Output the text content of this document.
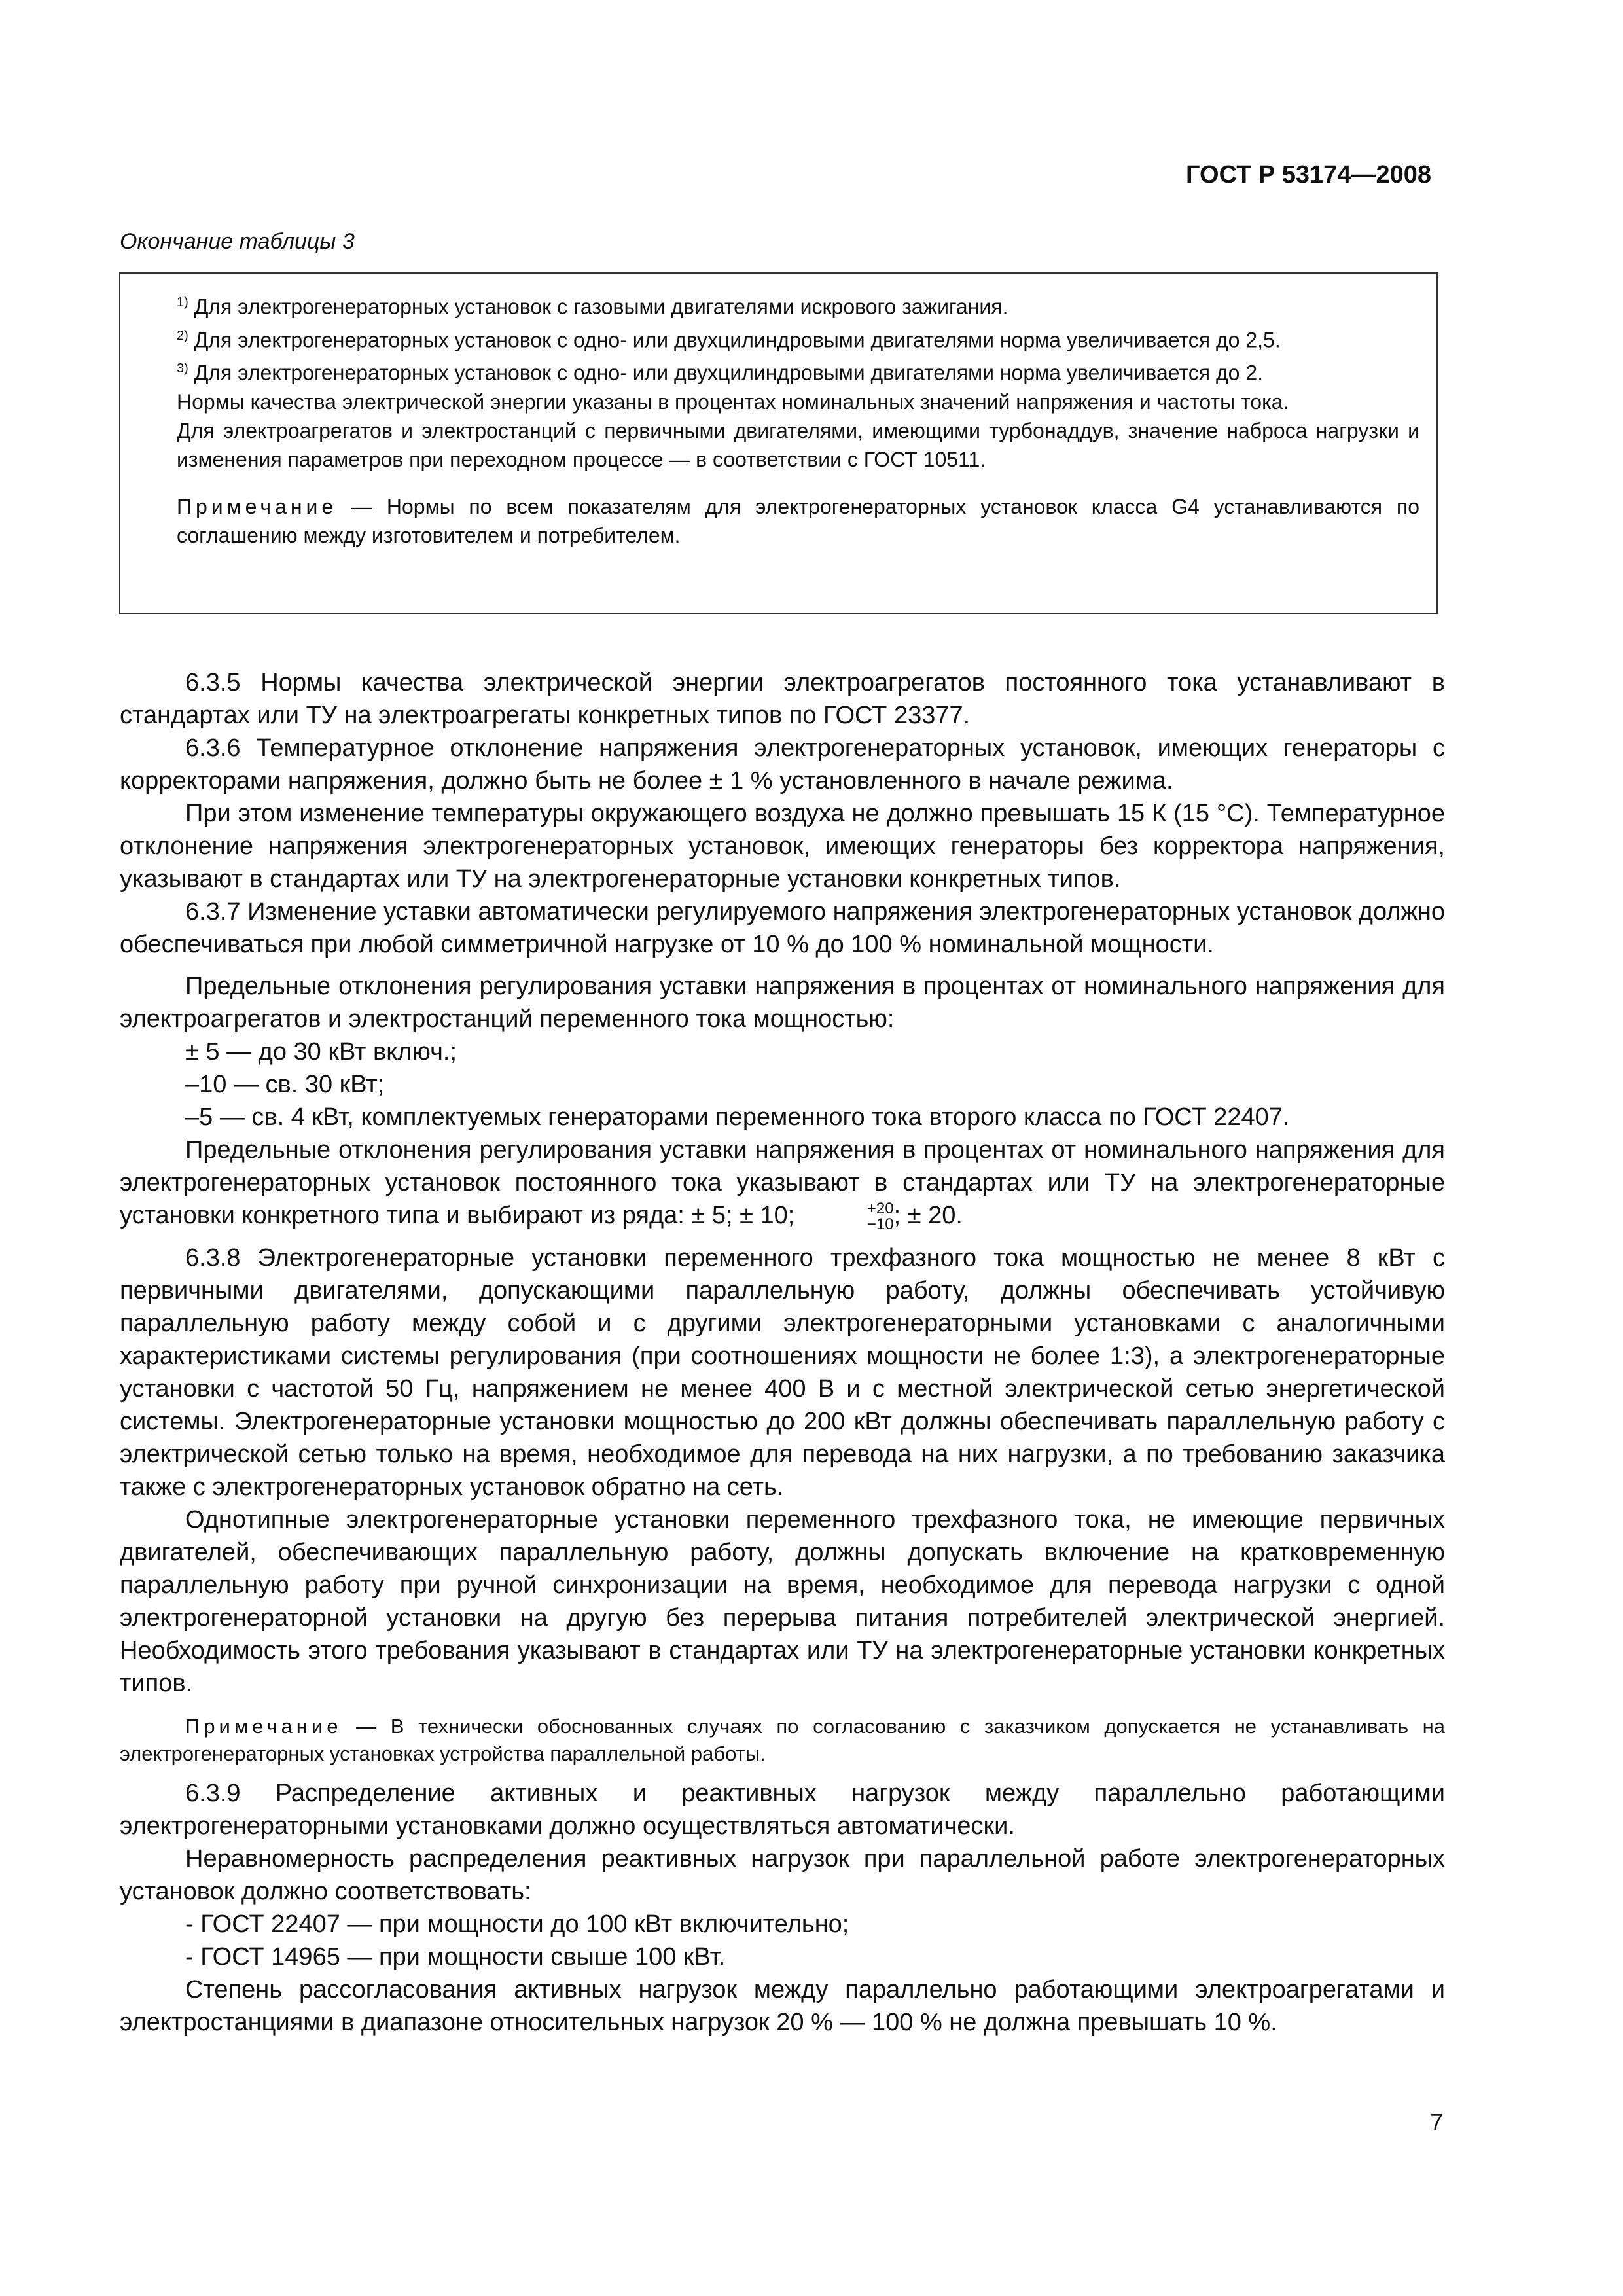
ГОСТ Р 53174—2008
Окончание таблицы 3

$^{1)}$ Для электрогенераторных установок с газовыми двигателями искрового зажигания.

$^{2)}$ Для электрогенераторных установок с одно- или двухцилиндровыми двигателями норма увеличивается до 2,5.

$^{3)}$ Для электрогенераторных установок с одно- или двухцилиндровыми двигателями норма увеличивается до 2.

Нормы качества электрической энергии указаны в процентах номинальных значений напряжения и частоты тока.

Для электроагрегатов и электростанций с первичными двигателями, имеющими турбонаддув, значение наброса нагрузки и изменения параметров при переходном процессе — в соответствии с ГОСТ 10511.

Примечание — Нормы по всем показателям для электрогенераторных установок класса G4 устанавливаются по соглашению между изготовителем и потребителем.

6.3.5 Нормы качества электрической энергии электроагрегатов постоянного тока устанавливают в стандартах или ТУ на электроагрегаты конкретных типов по ГОСТ 23377.

6.3.6 Температурное отклонение напряжения электрогенераторных установок, имеющих генераторы с корректорами напряжения, должно быть не более ± 1 % установленного в начале режима.

При этом изменение температуры окружающего воздуха не должно превышать 15 К (15 °С). Температурное отклонение напряжения электрогенераторных установок, имеющих генераторы без корректора напряжения, указывают в стандартах или ТУ на электрогенераторные установки конкретных типов.

6.3.7 Изменение уставки автоматически регулируемого напряжения электрогенераторных установок должно обеспечиваться при любой симметричной нагрузке от 10 % до 100 % номинальной мощности.

Предельные отклонения регулирования уставки напряжения в процентах от номинального напряжения для электроагрегатов и электростанций переменного тока мощностью:

± 5 — до 30 кВт включ.;

–10 — св. 30 кВт;

–5 — св. 4 кВт, комплектуемых генераторами переменного тока второго класса по ГОСТ 22407.

Предельные отклонения регулирования уставки напряжения в процентах от номинального напряжения для электрогенераторных установок постоянного тока указывают в стандартах или ТУ на электрогенераторные установки конкретного типа и выбирают из ряда: ± 5; ± 10;	+20
−10 ; ± 20.

6.3.8 Электрогенераторные установки переменного трехфазного тока мощностью не менее 8 кВт с первичными двигателями, допускающими параллельную работу, должны обеспечивать устойчивую параллельную работу между собой и с другими электрогенераторными установками с аналогичными характеристиками системы регулирования (при соотношениях мощности не более 1:3), а электрогенераторные установки с частотой 50 Гц, напряжением не менее 400 В и с местной электрической сетью энергетической системы. Электрогенераторные установки мощностью до 200 кВт должны обеспечивать параллельную работу с электрической сетью только на время, необходимое для перевода на них нагрузки, а по требованию заказчика также с электрогенераторных установок обратно на сеть.

Однотипные электрогенераторные установки переменного трехфазного тока, не имеющие первичных двигателей, обеспечивающих параллельную работу, должны допускать включение на кратковременную параллельную работу при ручной синхронизации на время, необходимое для перевода нагрузки с одной электрогенераторной установки на другую без перерыва питания потребителей электрической энергией. Необходимость этого требования указывают в стандартах или ТУ на электрогенераторные установки конкретных типов.

Примечание — В технически обоснованных случаях по согласованию с заказчиком допускается не устанавливать на электрогенераторных установках устройства параллельной работы.

6.3.9 Распределение активных и реактивных нагрузок между параллельно работающими электрогенераторными установками должно осуществляться автоматически.

Неравномерность распределения реактивных нагрузок при параллельной работе электрогенераторных установок должно соответствовать:

- ГОСТ 22407 — при мощности до 100 кВт включительно;

- ГОСТ 14965 — при мощности свыше 100 кВт.

Степень рассогласования активных нагрузок между параллельно работающими электроагрегатами и электростанциями в диапазоне относительных нагрузок 20 % — 100 % не должна превышать 10 %.

7
